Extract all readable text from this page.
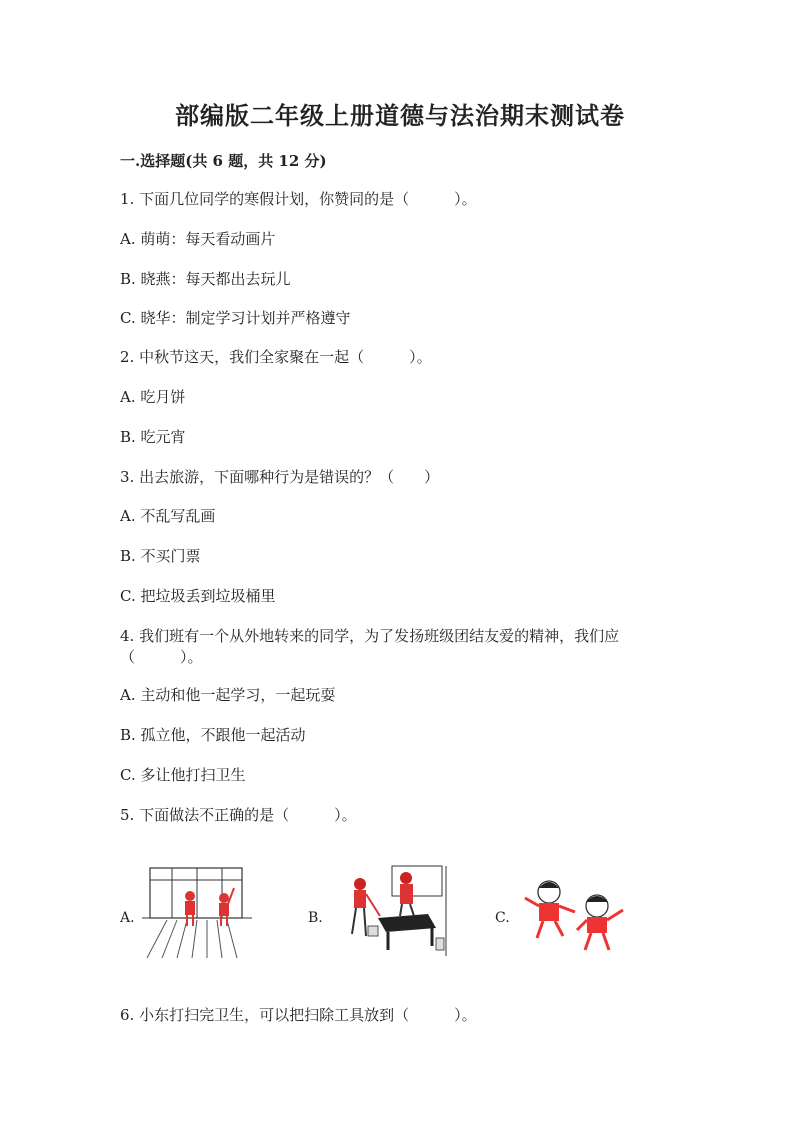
部编版二年级上册道德与法治期末测试卷
一.选择题(共 6 题，共 12 分)
1. 下面几位同学的寒假计划，你赞同的是（　　　）。
A. 萌萌：每天看动画片
B. 晓燕：每天都出去玩儿
C. 晓华：制定学习计划并严格遵守
2. 中秋节这天，我们全家聚在一起（　　　）。
A. 吃月饼
B. 吃元宵
3. 出去旅游，下面哪种行为是错误的？（　　）
A. 不乱写乱画
B. 不买门票
C. 把垃圾丢到垃圾桶里
4. 我们班有一个从外地转来的同学，为了发扬班级团结友爱的精神，我们应
（　　　）。
A. 主动和他一起学习，一起玩耍
B. 孤立他，不跟他一起活动
C. 多让他打扫卫生
5. 下面做法不正确的是（　　　）。
A.	B.	C.
6. 小东打扫完卫生，可以把扫除工具放到（　　　）。
